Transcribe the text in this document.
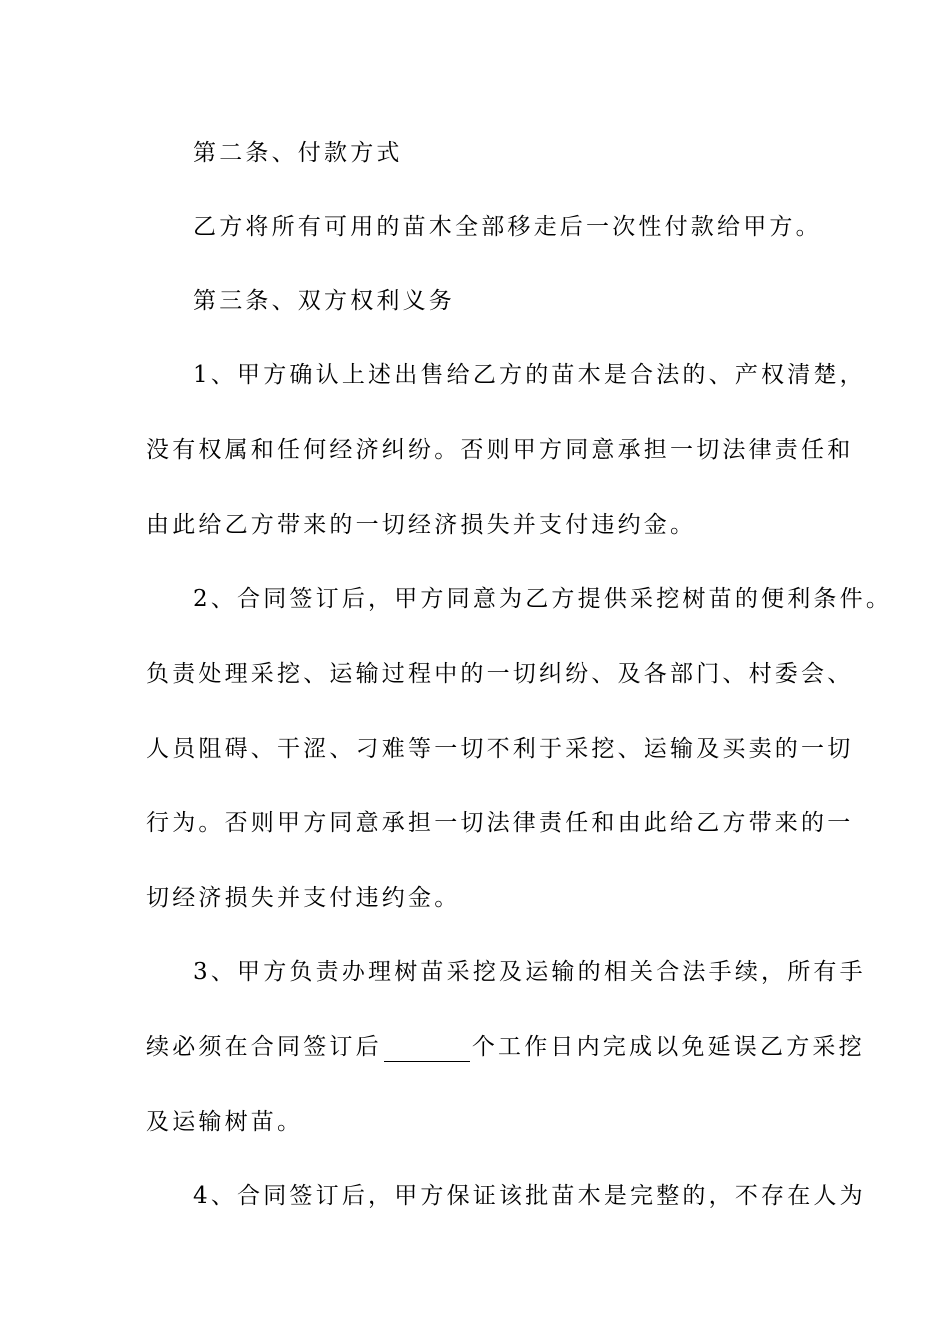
第二条、付款方式
乙方将所有可用的苗木全部移走后一次性付款给甲方。
第三条、双方权利义务
1、甲方确认上述出售给乙方的苗木是合法的、产权清楚，
没有权属和任何经济纠纷。否则甲方同意承担一切法律责任和
由此给乙方带来的一切经济损失并支付违约金。
2、合同签订后，甲方同意为乙方提供采挖树苗的便利条件。
负责处理采挖、运输过程中的一切纠纷、及各部门、村委会、
人员阻碍、干涩、刁难等一切不利于采挖、运输及买卖的一切
行为。否则甲方同意承担一切法律责任和由此给乙方带来的一
切经济损失并支付违约金。
3、甲方负责办理树苗采挖及运输的相关合法手续，所有手
续必须在合同签订后	个工作日内完成以免延误乙方采挖
及运输树苗。
4、合同签订后，甲方保证该批苗木是完整的，不存在人为
